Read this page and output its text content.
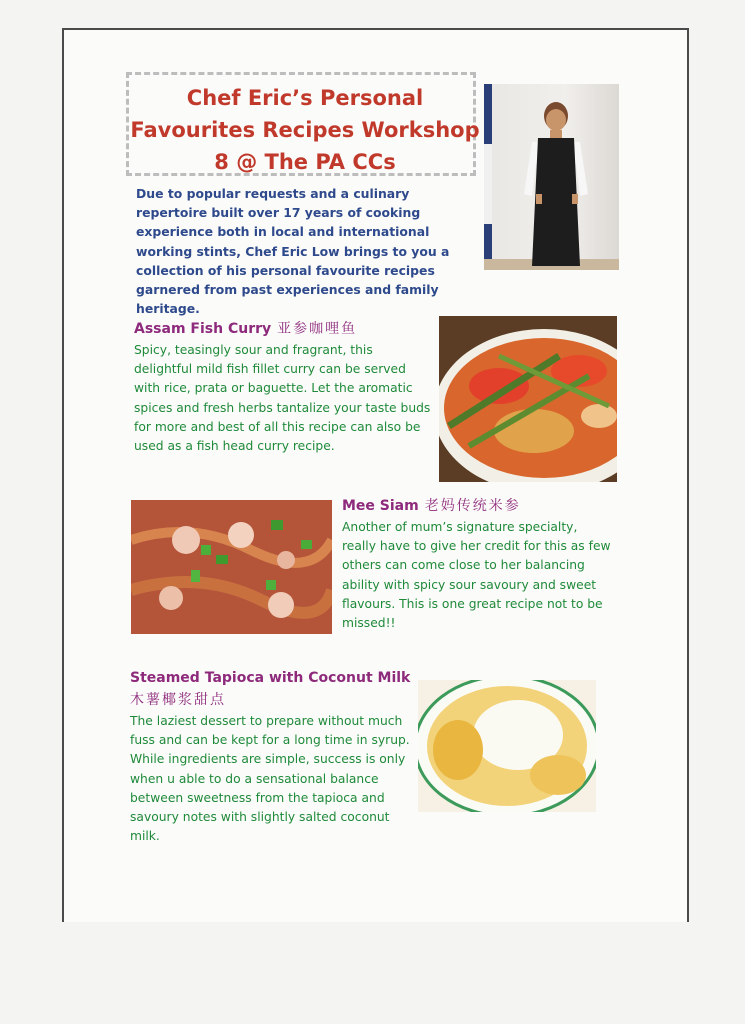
Chef Eric’s Personal
Favourites Recipes Workshop
8 @ The PA CCs
Due to popular requests and a culinary repertoire built over 17 years of cooking experience both in local and international working stints, Chef Eric Low brings to you a collection of his personal favourite recipes garnered from past experiences and family heritage.
Assam Fish Curry 亚参咖哩鱼
Spicy, teasingly sour and fragrant, this delightful mild fish fillet curry can be served with rice, prata or baguette. Let the aromatic spices and fresh herbs tantalize your taste buds for more and best of all this recipe can also be used as a fish head curry recipe.
Mee Siam 老妈传统米参
Another of mum’s signature specialty, really have to give her credit for this as few others can come close to her balancing ability with spicy sour savoury and sweet flavours. This is one great recipe not to be missed!!
Steamed Tapioca with Coconut Milk
木薯椰浆甜点
The laziest dessert to prepare without much fuss and can be kept for a long time in syrup. While ingredients are simple, success is only when u able to do a sensational balance between sweetness from the tapioca and savoury notes with slightly salted coconut milk.
